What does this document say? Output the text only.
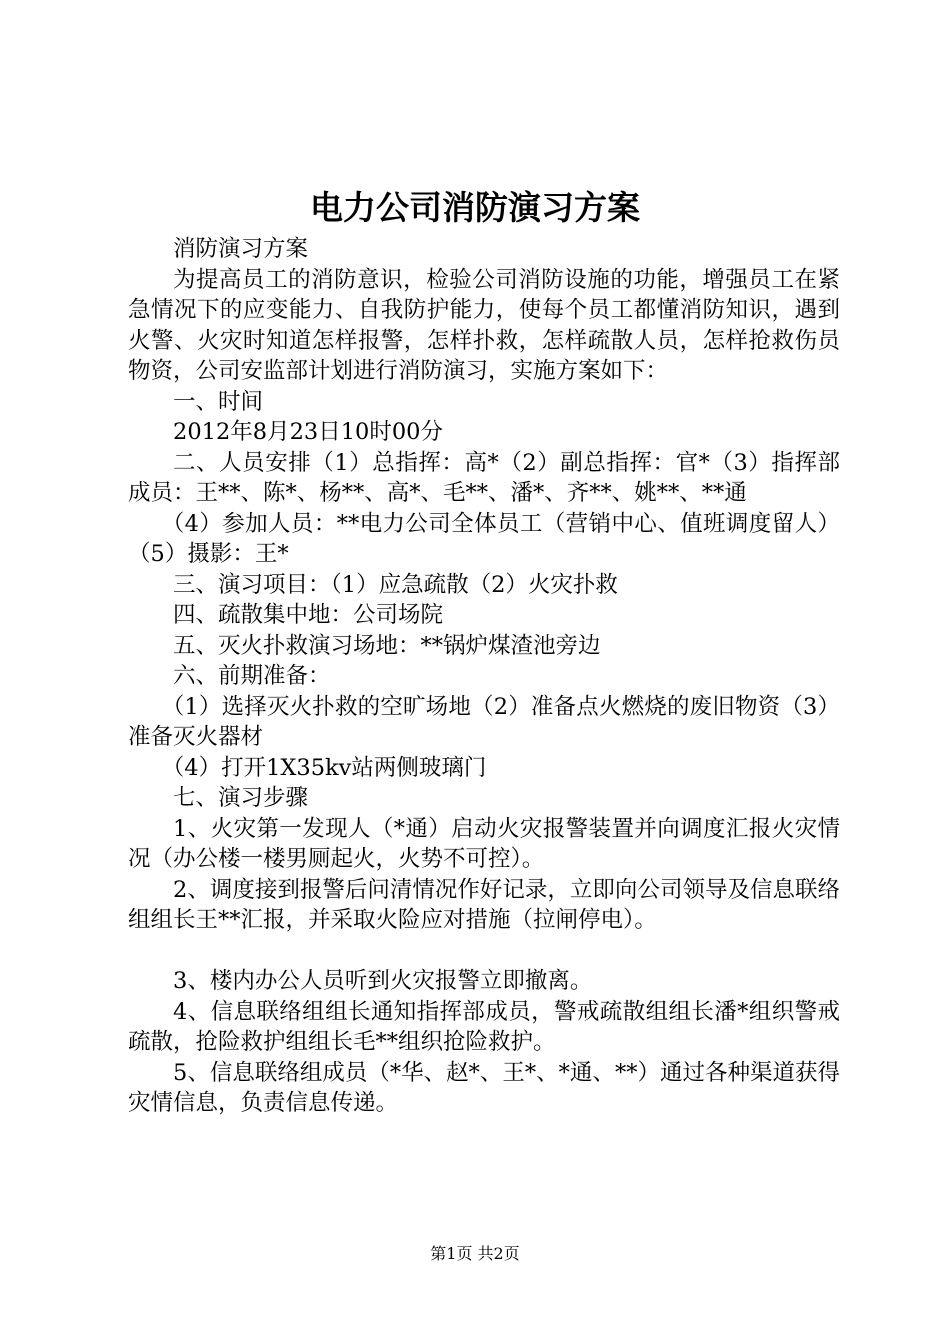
电力公司消防演习方案

消防演习方案

为提高员工的消防意识，检验公司消防设施的功能，增强员工在紧急情况下的应变能力、自我防护能力，使每个员工都懂消防知识，遇到火警、火灾时知道怎样报警，怎样扑救，怎样疏散人员，怎样抢救伤员物资，公司安监部计划进行消防演习，实施方案如下：

一、时间

2012年8月23日10时00分

二、人员安排（1）总指挥：高*（2）副总指挥：官*（3）指挥部成员：王**、陈*、杨**、高*、毛**、潘*、齐**、姚**、**通

（4）参加人员：**电力公司全体员工（营销中心、值班调度留人）（5）摄影：王*

三、演习项目：（1）应急疏散（2）火灾扑救

四、疏散集中地：公司场院

五、灭火扑救演习场地：**锅炉煤渣池旁边

六、前期准备：

（1）选择灭火扑救的空旷场地（2）准备点火燃烧的废旧物资（3）准备灭火器材

（4）打开1X35kv站两侧玻璃门

七、演习步骤

1、火灾第一发现人（*通）启动火灾报警装置并向调度汇报火灾情况（办公楼一楼男厕起火，火势不可控）。

2、调度接到报警后问清情况作好记录，立即向公司领导及信息联络组组长王**汇报，并采取火险应对措施（拉闸停电）。

3、楼内办公人员听到火灾报警立即撤离。

4、信息联络组组长通知指挥部成员，警戒疏散组组长潘*组织警戒疏散，抢险救护组组长毛**组织抢险救护。

5、信息联络组成员（*华、赵*、王*、*通、**）通过各种渠道获得灾情信息，负责信息传递。

第1页 共2页
